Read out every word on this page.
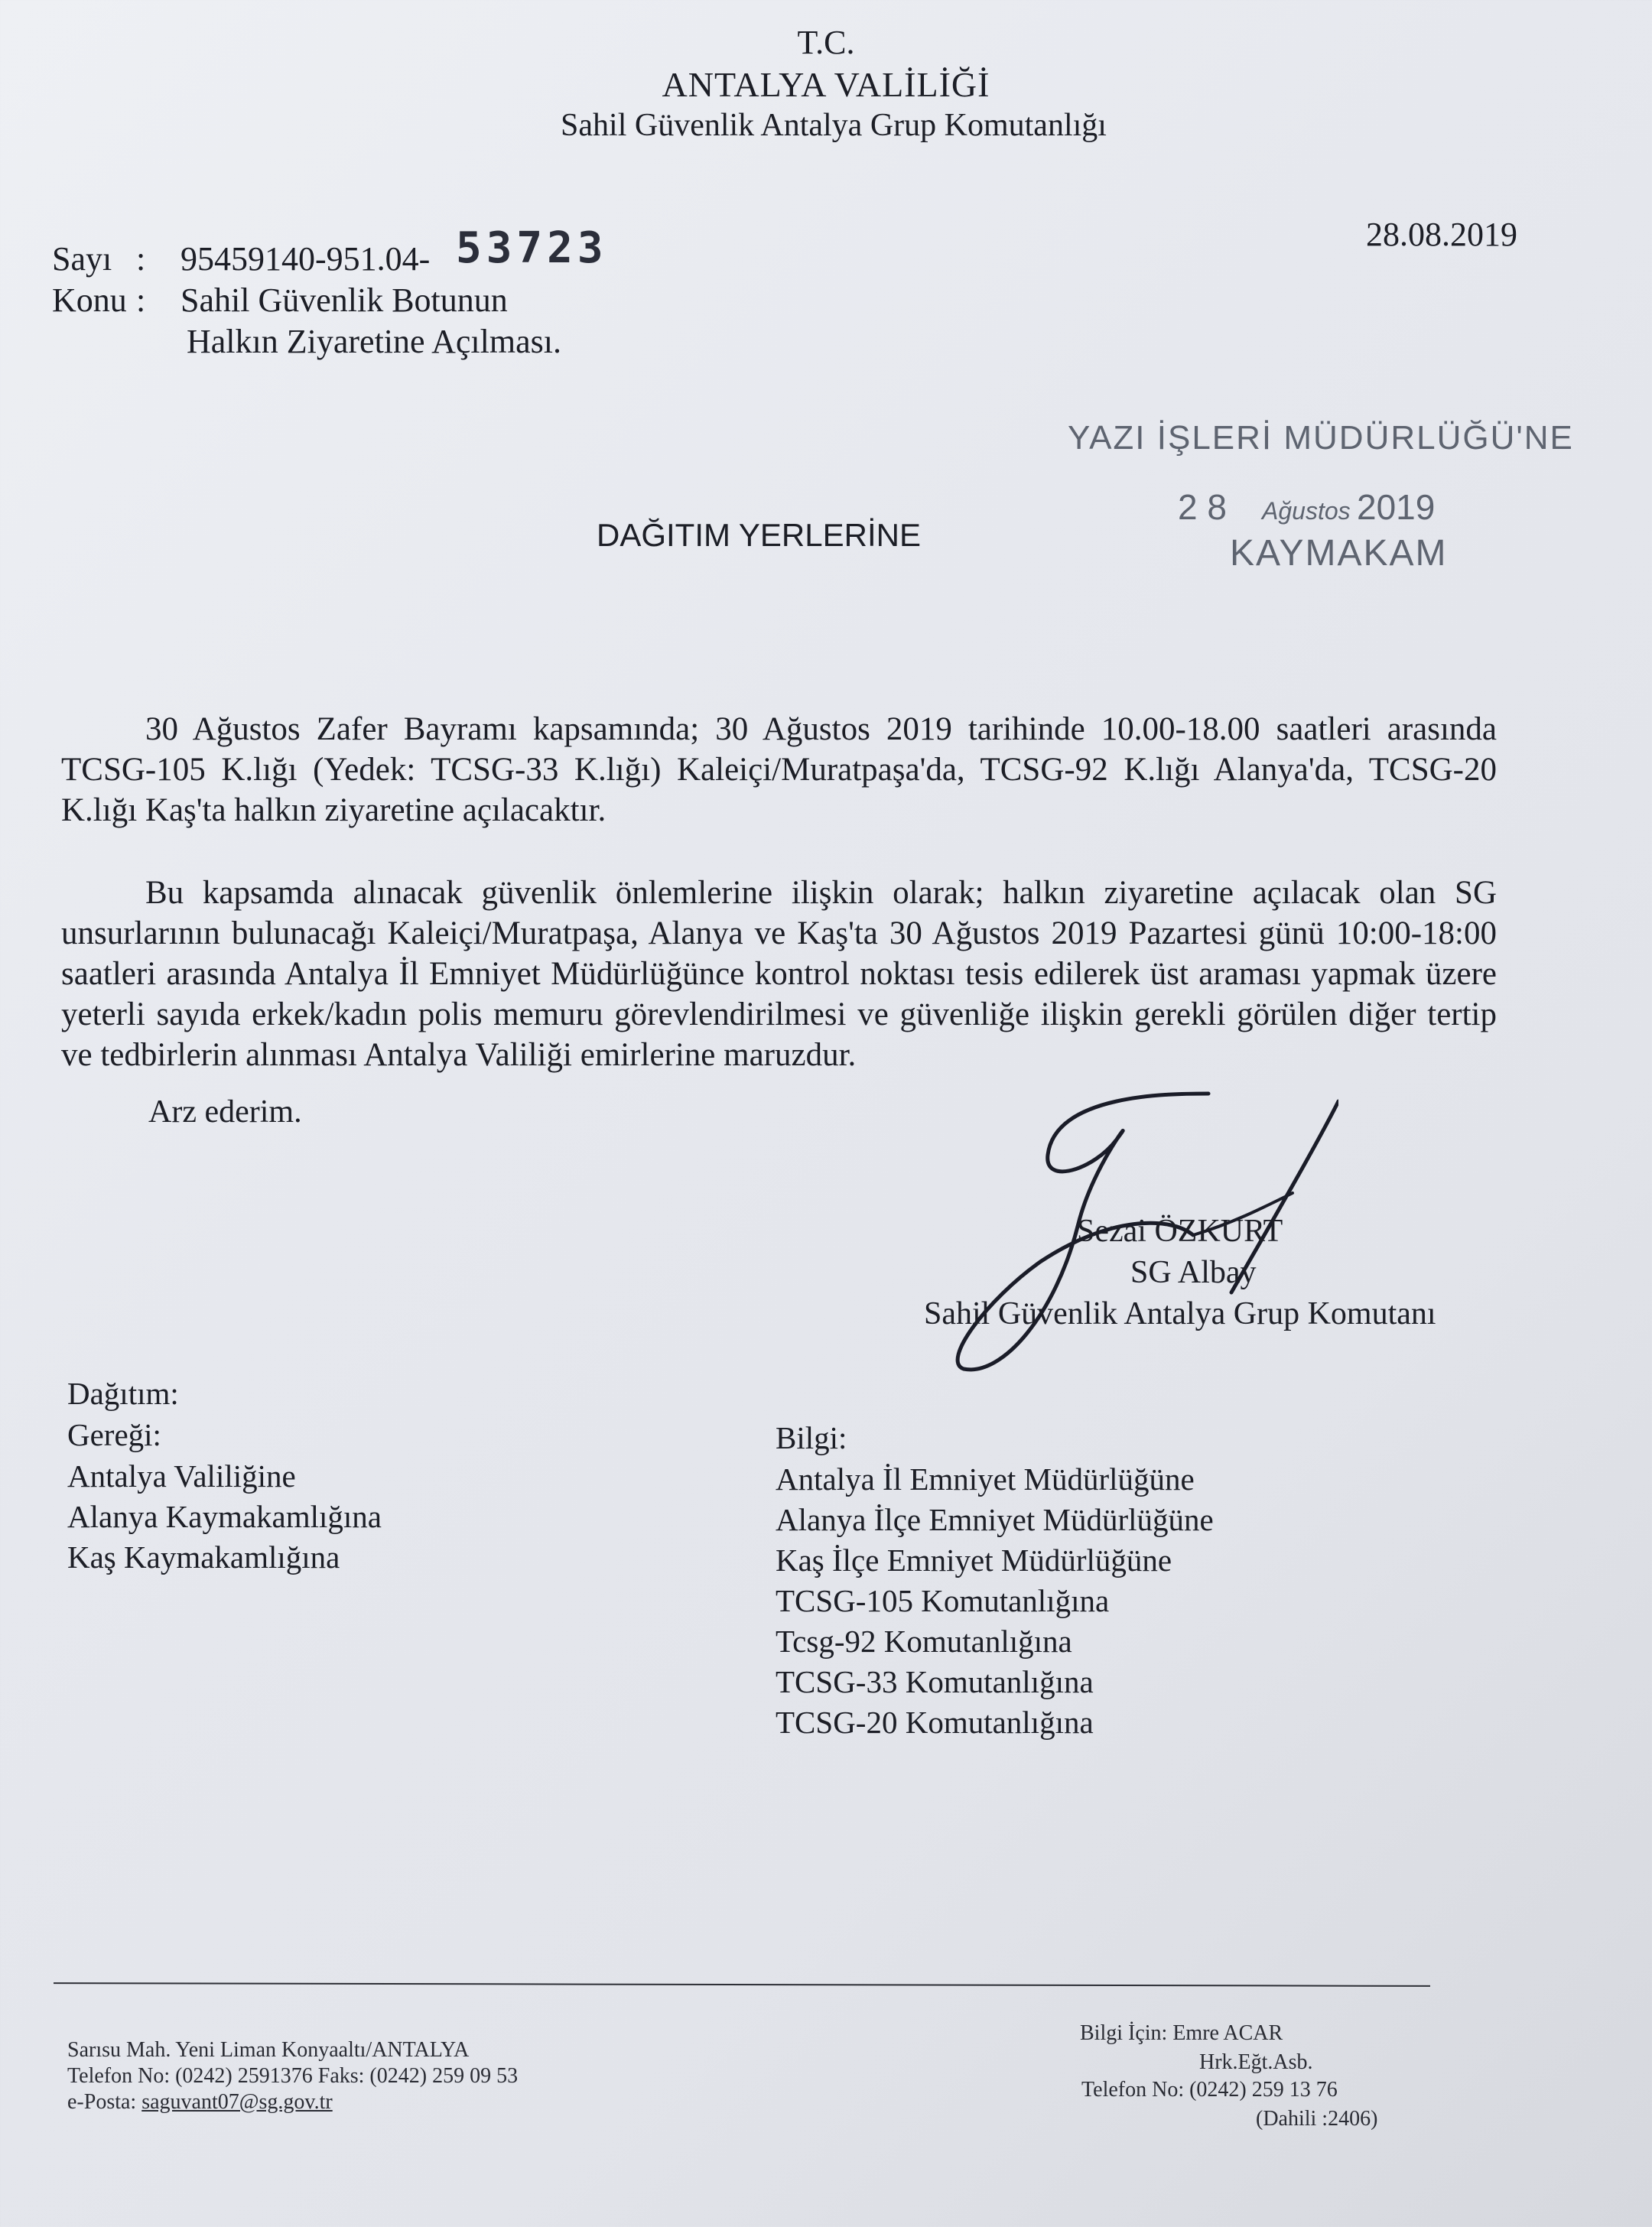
T.C.
ANTALYA VALİLİĞİ
Sahil Güvenlik Antalya Grup Komutanlığı
Sayı : 95459140-951.04- 53723	28.08.2019
Konu : Sahil Güvenlik Botunun
Halkın Ziyaretine Açılması.
YAZI İŞLERİ MÜDÜRLÜĞÜ'NE
2 8 Ağustos 2019
KAYMAKAM
DAĞITIM YERLERİNE

30 Ağustos Zafer Bayramı kapsamında; 30 Ağustos 2019 tarihinde 10.00-18.00 saatleri arasında TCSG-105 K.lığı (Yedek: TCSG-33 K.lığı) Kaleiçi/Muratpaşa'da, TCSG-92 K.lığı Alanya'da, TCSG-20 K.lığı Kaş'ta halkın ziyaretine açılacaktır.

Bu kapsamda alınacak güvenlik önlemlerine ilişkin olarak; halkın ziyaretine açılacak olan SG unsurlarının bulunacağı Kaleiçi/Muratpaşa, Alanya ve Kaş'ta 30 Ağustos 2019 Pazartesi günü 10:00-18:00 saatleri arasında Antalya İl Emniyet Müdürlüğünce kontrol noktası tesis edilerek üst araması yapmak üzere yeterli sayıda erkek/kadın polis memuru görevlendirilmesi ve güvenliğe ilişkin gerekli görülen diğer tertip ve tedbirlerin alınması Antalya Valiliği emirlerine maruzdur.

Arz ederim.
Sezai ÖZKURT
SG Albay
Sahil Güvenlik Antalya Grup Komutanı
Dağıtım:
Gereği:
Antalya Valiliğine
Alanya Kaymakamlığına
Kaş Kaymakamlığına
Bilgi:
Antalya İl Emniyet Müdürlüğüne
Alanya İlçe Emniyet Müdürlüğüne
Kaş İlçe Emniyet Müdürlüğüne
TCSG-105 Komutanlığına
Tcsg-92 Komutanlığına
TCSG-33 Komutanlığına
TCSG-20 Komutanlığına
Sarısu Mah. Yeni Liman Konyaaltı/ANTALYA
Telefon No: (0242) 2591376 Faks: (0242) 259 09 53
e-Posta: saguvant07@sg.gov.tr
Bilgi İçin: Emre ACAR
Hrk.Eğt.Asb.
Telefon No: (0242) 259 13 76
(Dahili :2406)
